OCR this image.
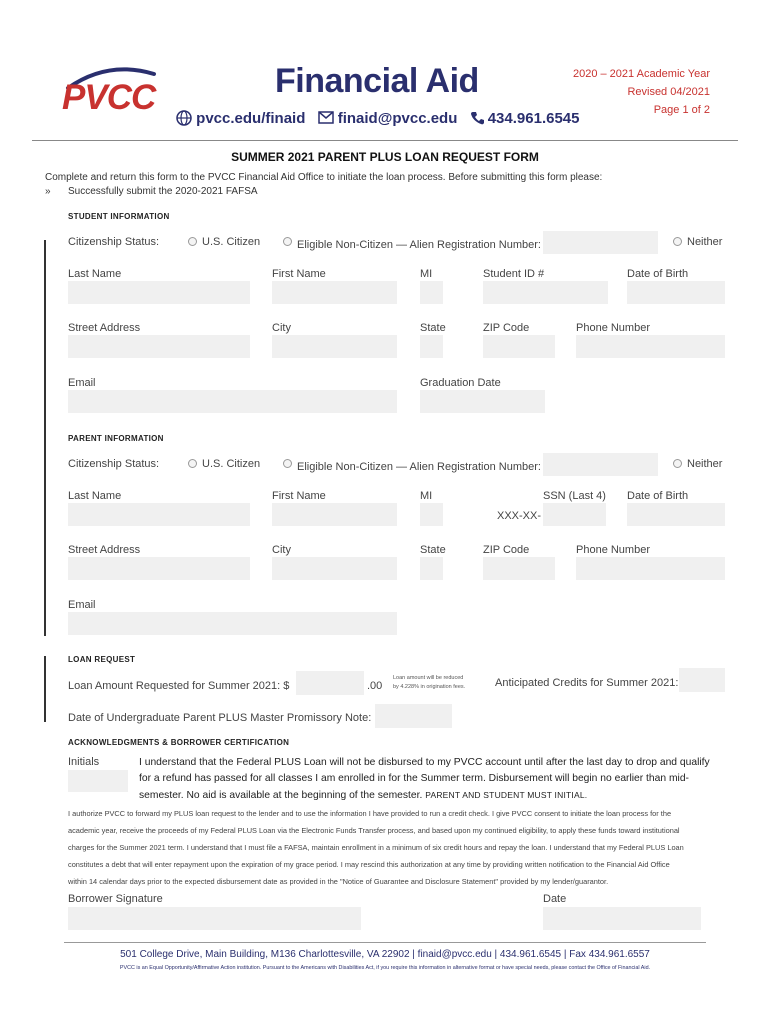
PVCC	Financial Aid
pvcc.edu/finaid finaid@pvcc.edu 434.961.6545
2020 – 2021 Academic Year
Revised 04/2021
Page 1 of 2
SUMMER 2021 PARENT PLUS LOAN REQUEST FORM
Complete and return this form to the PVCC Financial Aid Office to initiate the loan process. Before submitting this form please:
» Successfully submit the 2020-2021 FAFSA
STUDENT INFORMATION
Citizenship Status:	U.S. Citizen	Eligible Non-Citizen — Alien Registration Number:	Neither
Last Name	First Name	MI	Student ID #	Date of Birth
Street Address	City	State	ZIP Code	Phone Number
Email	Graduation Date
PARENT INFORMATION
Citizenship Status:	U.S. Citizen	Eligible Non-Citizen — Alien Registration Number:	Neither
Last Name	First Name	MI	SSN (Last 4) Date of Birth
XXX-XX-
Street Address	City	State	ZIP Code	Phone Number
Email
LOAN REQUEST
Loan Amount Requested for Summer 2021: $	.00
Loan amount will be reduced
by 4.228% in origination fees.	Anticipated Credits for Summer 2021:
Date of Undergraduate Parent PLUS Master Promissory Note:
ACKNOWLEDGMENTS & BORROWER CERTIFICATION
Initials	I understand that the Federal PLUS Loan will not be disbursed to my PVCC account until after the last day to drop and qualify
for a refund has passed for all classes I am enrolled in for the Summer term. Disbursement will begin no earlier than mid-
semester. No aid is available at the beginning of the semester. PARENT AND STUDENT MUST INITIAL.
I authorize PVCC to forward my PLUS loan request to the lender and to use the information I have provided to run a credit check. I give PVCC consent to initiate the loan process for the
academic year, receive the proceeds of my Federal PLUS Loan via the Electronic Funds Transfer process, and based upon my continued eligibility, to apply these funds toward institutional
charges for the Summer 2021 term. I understand that I must file a FAFSA, maintain enrollment in a minimum of six credit hours and repay the loan. I understand that my Federal PLUS Loan
constitutes a debt that will enter repayment upon the expiration of my grace period. I may rescind this authorization at any time by providing written notification to the Financial Aid Office
within 14 calendar days prior to the expected disbursement date as provided in the "Notice of Guarantee and Disclosure Statement" provided by my lender/guarantor.
Borrower Signature	Date
501 College Drive, Main Building, M136 Charlottesville, VA 22902 | finaid@pvcc.edu | 434.961.6545 | Fax 434.961.6557
PVCC is an Equal Opportunity/Affirmative Action institution. Pursuant to the Americans with Disabilities Act, if you require this information in alternative format or have special needs, please contact the Office of Financial Aid.
